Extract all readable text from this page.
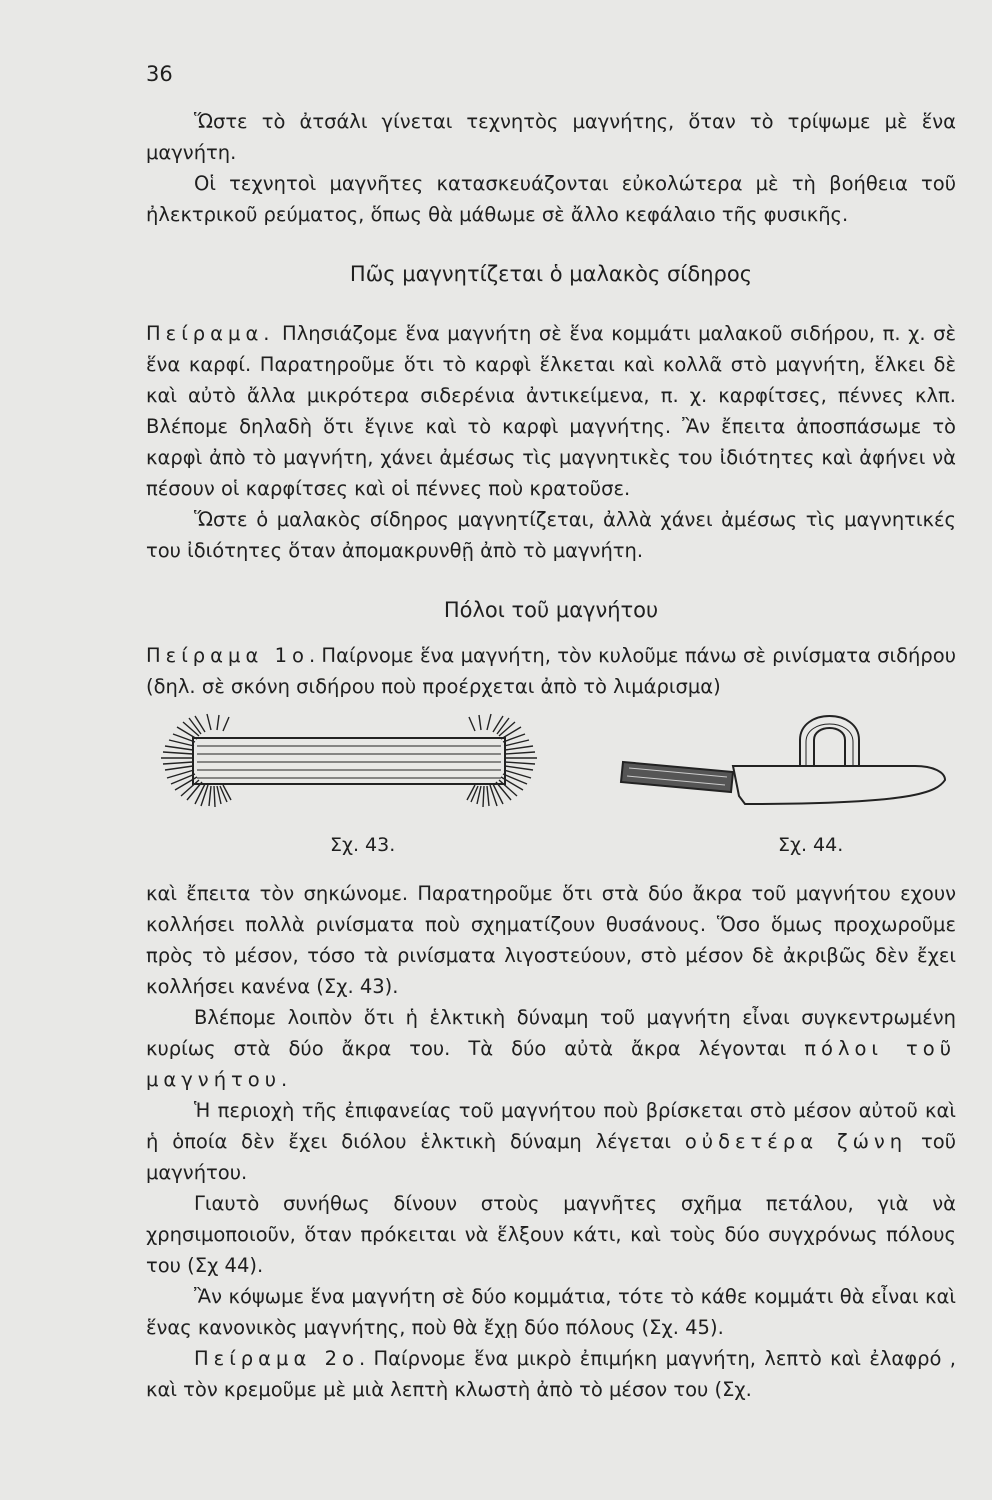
36

Ὥστε τὸ ἀτσάλι γίνεται τεχνητὸς μαγνήτης, ὅταν τὸ τρίψωμε μὲ ἕνα μαγνήτη.

Οἱ τεχνητοὶ μαγνῆτες κατασκευάζονται εὐκολώτερα μὲ τὴ βοήθεια τοῦ ἠλεκτρικοῦ ρεύματος, ὅπως θὰ μάθωμε σὲ ἄλλο κεφάλαιο τῆς φυσικῆς.

Πῶς μαγνητίζεται ὁ μαλακὸς σίδηρος

Πείραμα. Πλησιάζομε ἕνα μαγνήτη σὲ ἕνα κομμάτι μαλακοῦ σιδήρου, π. χ. σὲ ἕνα καρφί. Παρατηροῦμε ὅτι τὸ καρφὶ ἕλκεται καὶ κολλᾶ στὸ μαγνήτη, ἕλκει δὲ καὶ αὐτὸ ἄλλα μικρότερα σιδερένια ἀντικείμενα, π. χ. καρφίτσες, πέννες κλπ. Βλέπομε δηλαδὴ ὅτι ἔγινε καὶ τὸ καρφὶ μαγνήτης. Ἂν ἔπειτα ἀποσπάσωμε τὸ καρφὶ ἀπὸ τὸ μαγνήτη, χάνει ἀμέσως τὶς μαγνητικὲς του ἰδιότητες καὶ ἀφήνει νὰ πέσουν οἱ καρφίτσες καὶ οἱ πέννες ποὺ κρατοῦσε.

Ὥστε ὁ μαλακὸς σίδηρος μαγνητίζεται, ἀλλὰ χάνει ἀμέσως τὶς μαγνητικές του ἰδιότητες ὅταν ἀπομακρυνθῇ ἀπὸ τὸ μαγνήτη.

Πόλοι τοῦ μαγνήτου

Πείραμα 1ο. Παίρνομε ἕνα μαγνήτη, τὸν κυλοῦμε πάνω σὲ ρινίσματα σιδήρου (δηλ. σὲ σκόνη σιδήρου ποὺ προέρχεται ἀπὸ τὸ λιμάρισμα)

Σχ. 43.	Σχ. 44.

καὶ ἔπειτα τὸν σηκώνομε. Παρατηροῦμε ὅτι στὰ δύο ἄκρα τοῦ μαγνήτου εχουν κολλήσει πολλὰ ρινίσματα ποὺ σχηματίζουν θυσάνους. Ὅσο ὅμως προχωροῦμε πρὸς τὸ μέσον, τόσο τὰ ρινίσματα λιγοστεύουν, στὸ μέσον δὲ ἀκριβῶς δὲν ἔχει κολλήσει κανένα (Σχ. 43).

Βλέπομε λοιπὸν ὅτι ἡ ἑλκτικὴ δύναμη τοῦ μαγνήτη εἶναι συγκεντρωμένη κυρίως στὰ δύο ἄκρα του. Τὰ δύο αὐτὰ ἄκρα λέγονται πόλοι τοῦ μαγνήτου.

Ἡ περιοχὴ τῆς ἐπιφανείας τοῦ μαγνήτου ποὺ βρίσκεται στὸ μέσον αὐτοῦ καὶ ἡ ὁποία δὲν ἔχει διόλου ἑλκτικὴ δύναμη λέγεται οὐδετέρα ζώνη τοῦ μαγνήτου.

Γιαυτὸ συνήθως δίνουν στοὺς μαγνῆτες σχῆμα πετάλου, γιὰ νὰ χρησιμοποιοῦν, ὅταν πρόκειται νὰ ἕλξουν κάτι, καὶ τοὺς δύο συγχρόνως πόλους του (Σχ 44).

Ἂν κόψωμε ἕνα μαγνήτη σὲ δύο κομμάτια, τότε τὸ κάθε κομμάτι θὰ εἶναι καὶ ἕνας κανονικὸς μαγνήτης, ποὺ θὰ ἔχῃ δύο πόλους (Σχ. 45).

Πείραμα 2ο. Παίρνομε ἕνα μικρὸ ἐπιμήκη μαγνήτη, λεπτὸ καὶ ἐλαφρό , καὶ τὸν κρεμοῦμε μὲ μιὰ λεπτὴ κλωστὴ ἀπὸ τὸ μέσον του (Σχ.
